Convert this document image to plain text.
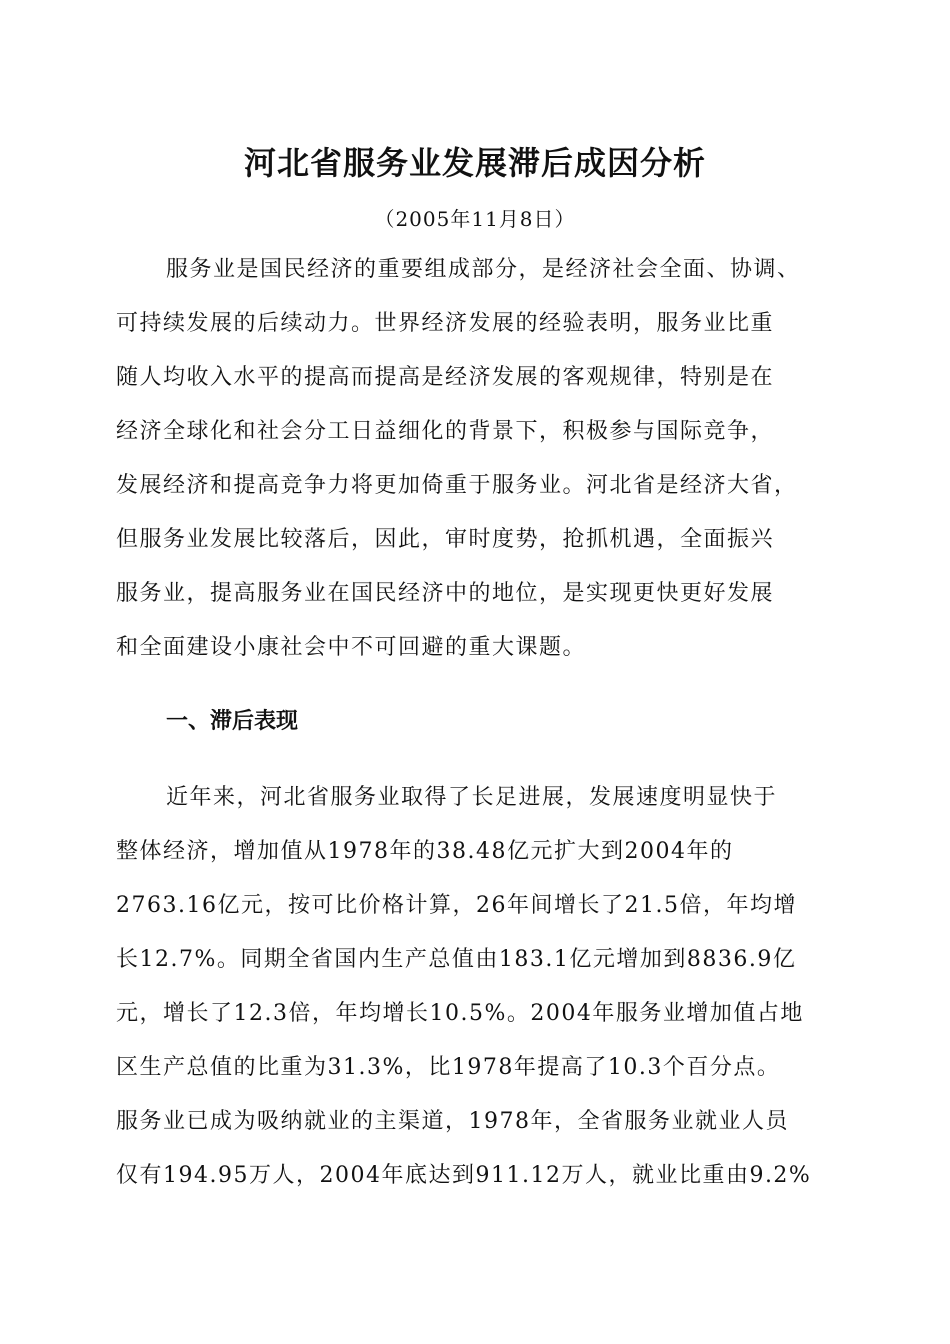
河北省服务业发展滞后成因分析
（2005年11月8日）
服务业是国民经济的重要组成部分，是经济社会全面、协调、
可持续发展的后续动力。世界经济发展的经验表明，服务业比重
随人均收入水平的提高而提高是经济发展的客观规律，特别是在
经济全球化和社会分工日益细化的背景下，积极参与国际竞争，
发展经济和提高竞争力将更加倚重于服务业。河北省是经济大省，
但服务业发展比较落后，因此，审时度势，抢抓机遇，全面振兴
服务业，提高服务业在国民经济中的地位，是实现更快更好发展
和全面建设小康社会中不可回避的重大课题。
一、滞后表现
近年来，河北省服务业取得了长足进展，发展速度明显快于
整体经济，增加值从1978年的38.48亿元扩大到2004年的
2763.16亿元，按可比价格计算，26年间增长了21.5倍，年均增
长12.7%。同期全省国内生产总值由183.1亿元增加到8836.9亿
元，增长了12.3倍，年均增长10.5%。2004年服务业增加值占地
区生产总值的比重为31.3%，比1978年提高了10.3个百分点。
服务业已成为吸纳就业的主渠道，1978年，全省服务业就业人员
仅有194.95万人，2004年底达到911.12万人，就业比重由9.2%
